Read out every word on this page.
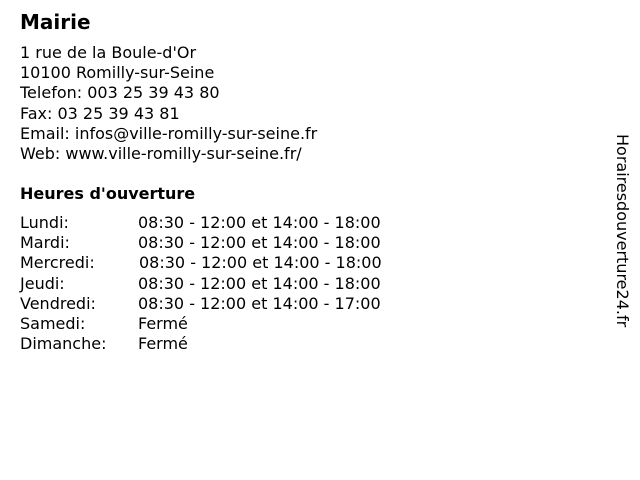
Mairie
1 rue de la Boule-d'Or
10100 Romilly-sur-Seine
Telefon: 003 25 39 43 80
Fax: 03 25 39 43 81
Email: infos@ville-romilly-sur-seine.fr
Web: www.ville-romilly-sur-seine.fr/
Heures d'ouverture
Lundi:	08:30 - 12:00 et 14:00 - 18:00
Mardi:	08:30 - 12:00 et 14:00 - 18:00
Mercredi:	08:30 - 12:00 et 14:00 - 18:00
Jeudi:	08:30 - 12:00 et 14:00 - 18:00
Vendredi:	08:30 - 12:00 et 14:00 - 17:00
Samedi:	Fermé
Dimanche: Fermé
Horairesdouverture24.fr
